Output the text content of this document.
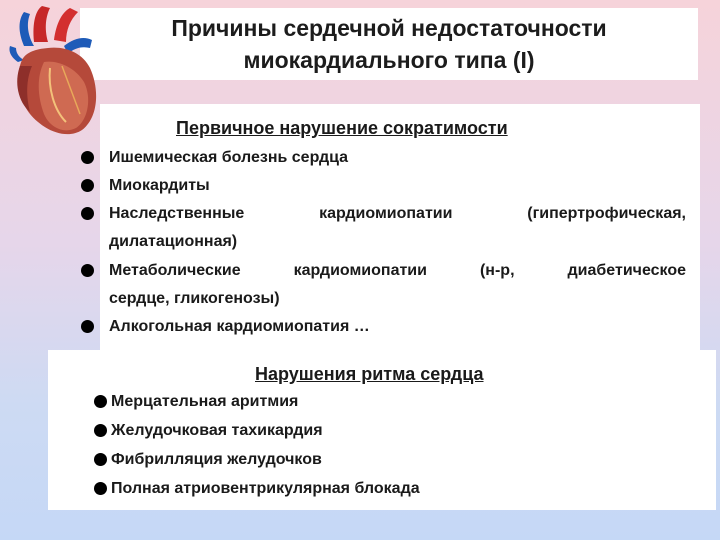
Причины сердечной недостаточности
миокардиального типа (I)
Первичное нарушение сократимости
Ишемическая болезнь сердца
Миокардиты
Наследственные кардиомиопатии (гипертрофическая,
дилатационная)
Метаболические кардиомиопатии (н-р, диабетическое
сердце, гликогенозы)
Алкогольная кардиомиопатия …
Нарушения ритма сердца
Мерцательная аритмия
Желудочковая тахикардия
Фибрилляция желудочков
Полная атриовентрикулярная блокада
